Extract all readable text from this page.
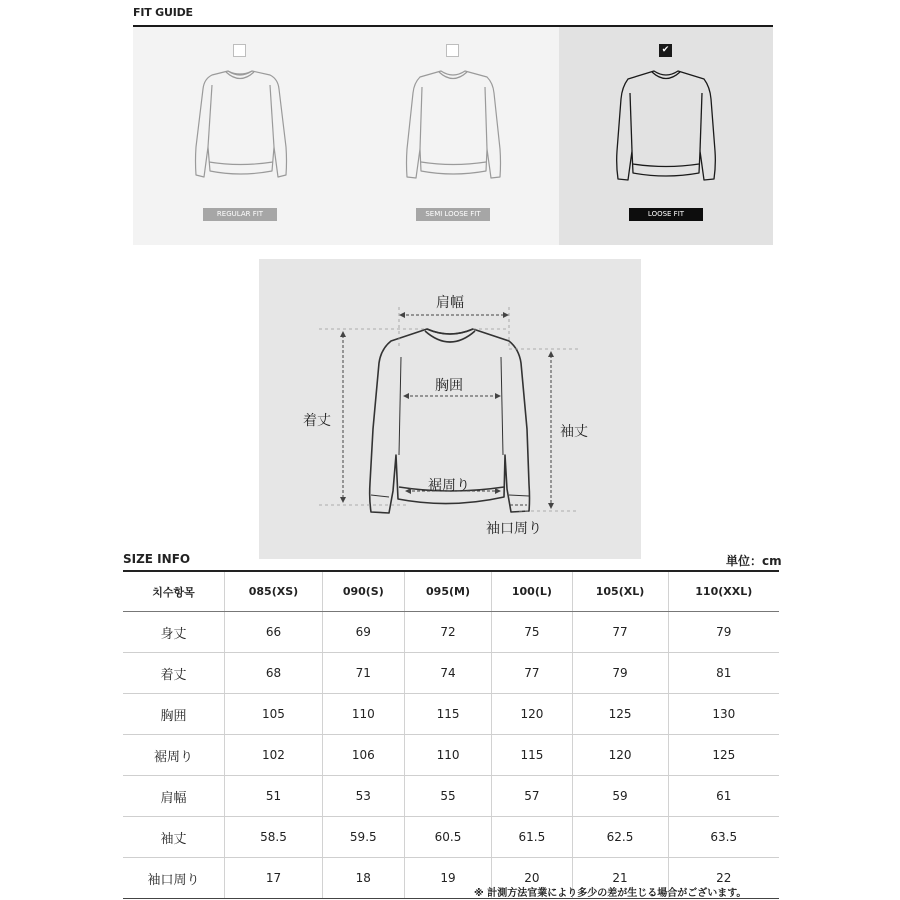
FIT GUIDE
REGULAR FIT	SEMI LOOSE FIT
✔
LOOSE FIT
肩幅
胸囲
着丈
袖丈
裾周り
袖口周り
SIZE INFO	単位：cm
치수항목	085(XS)	090(S)	095(M)	100(L)	105(XL)	110(XXL)
身丈	66	69	72	75	77	79
着丈	68	71	74	77	79	81
胸囲	105	110	115	120	125	130
裾周り	102	106	110	115	120	125
肩幅	51	53	55	57	59	61
袖丈	58.5	59.5	60.5	61.5	62.5	63.5
袖口周り	17	18	19	20	21	22
※ 計測方法官業により多少の差が生じる場合がございます。
